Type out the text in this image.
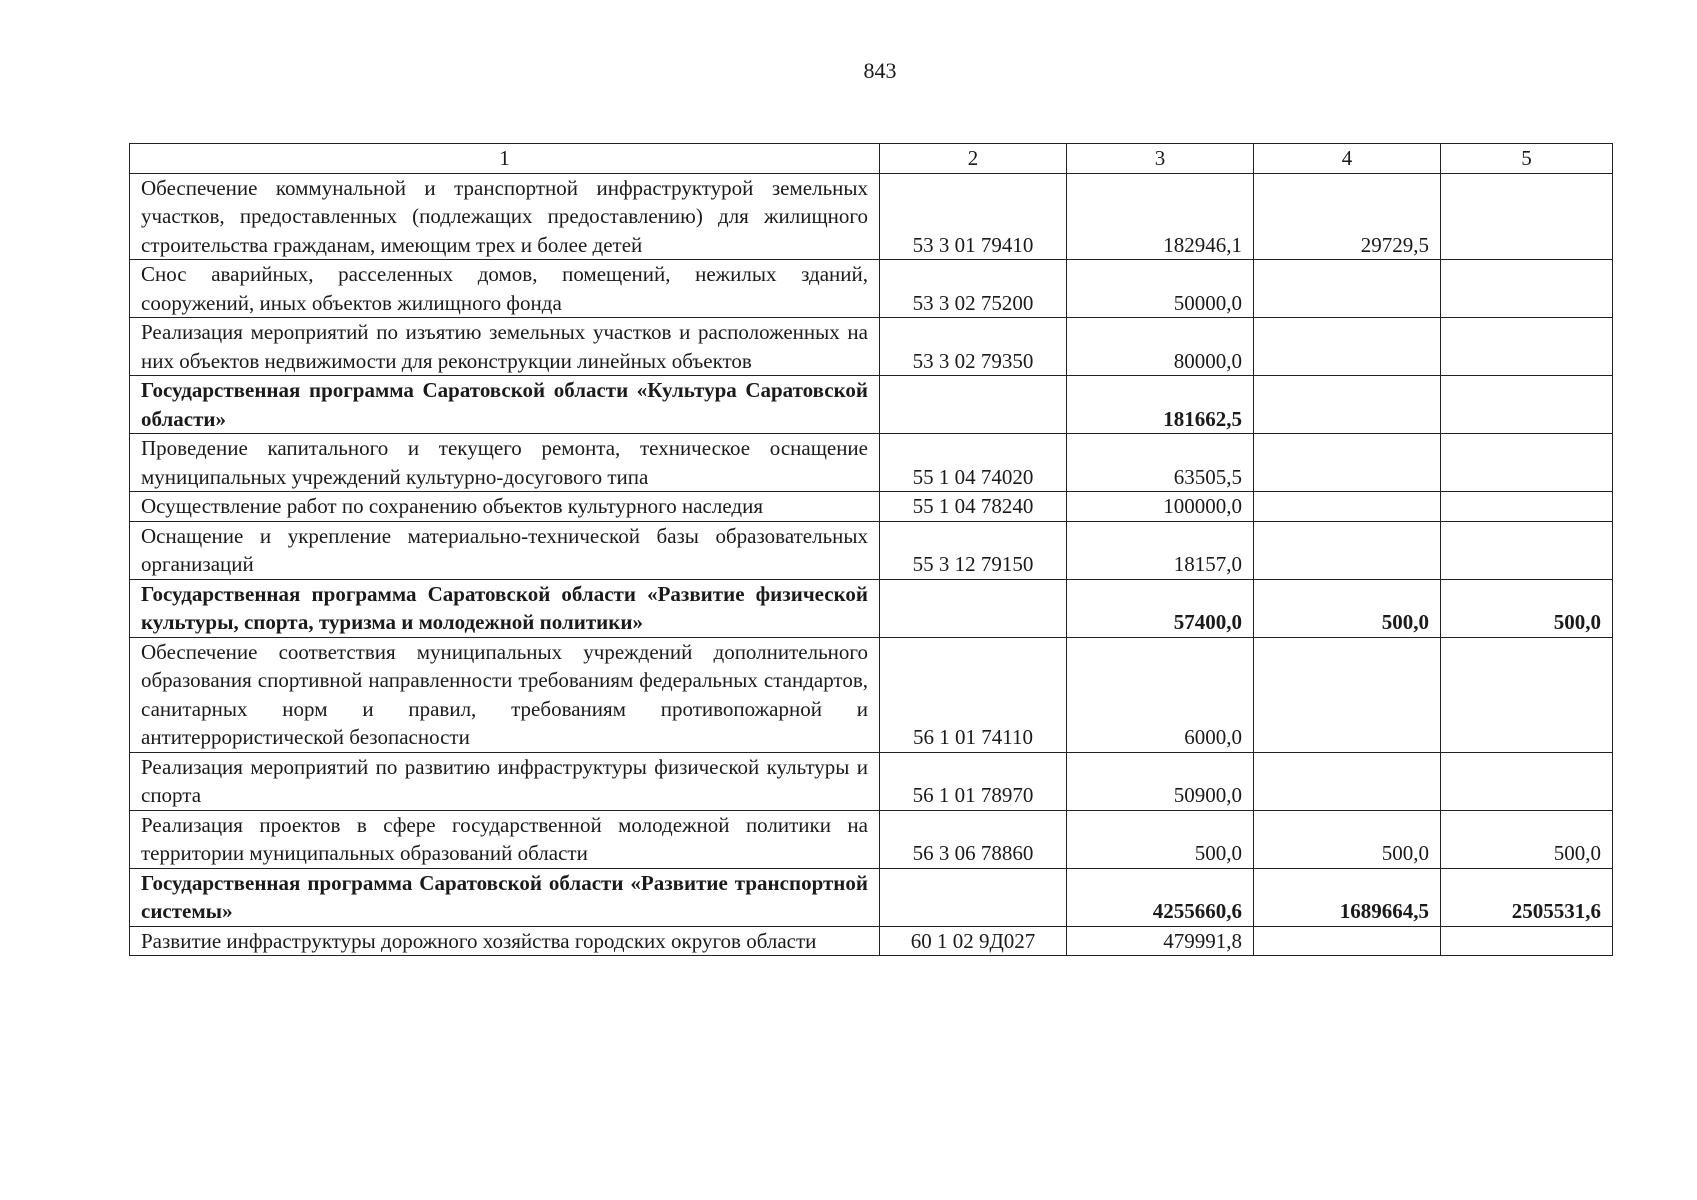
843
1	2	3	4	5
Обеспечение коммунальной и транспортной инфраструктурой земельных участков, предоставленных (подлежащих предоставлению) для жилищного строительства гражданам, имеющим трех и более детей	53 3 01 79410	182946,1	29729,5	
Снос аварийных, расселенных домов, помещений, нежилых зданий, сооружений, иных объектов жилищного фонда	53 3 02 75200	50000,0		
Реализация мероприятий по изъятию земельных участков и расположенных на них объектов недвижимости для реконструкции линейных объектов	53 3 02 79350	80000,0		
Государственная программа Саратовской области «Культура Саратовской области»		181662,5		
Проведение капитального и текущего ремонта, техническое оснащение муниципальных учреждений культурно-досугового типа	55 1 04 74020	63505,5		
Осуществление работ по сохранению объектов культурного наследия	55 1 04 78240	100000,0		
Оснащение и укрепление материально-технической базы образовательных организаций	55 3 12 79150	18157,0		
Государственная программа Саратовской области «Развитие физической культуры, спорта, туризма и молодежной политики»		57400,0	500,0	500,0
Обеспечение соответствия муниципальных учреждений дополнительного образования спортивной направленности требованиям федеральных стандартов, санитарных норм и правил, требованиям противопожарной и антитеррористической безопасности	56 1 01 74110	6000,0		
Реализация мероприятий по развитию инфраструктуры физической культуры и спорта	56 1 01 78970	50900,0		
Реализация проектов в сфере государственной молодежной политики на территории муниципальных образований области	56 3 06 78860	500,0	500,0	500,0
Государственная программа Саратовской области «Развитие транспортной системы»		4255660,6	1689664,5	2505531,6
Развитие инфраструктуры дорожного хозяйства городских округов области	60 1 02 9Д027	479991,8		
